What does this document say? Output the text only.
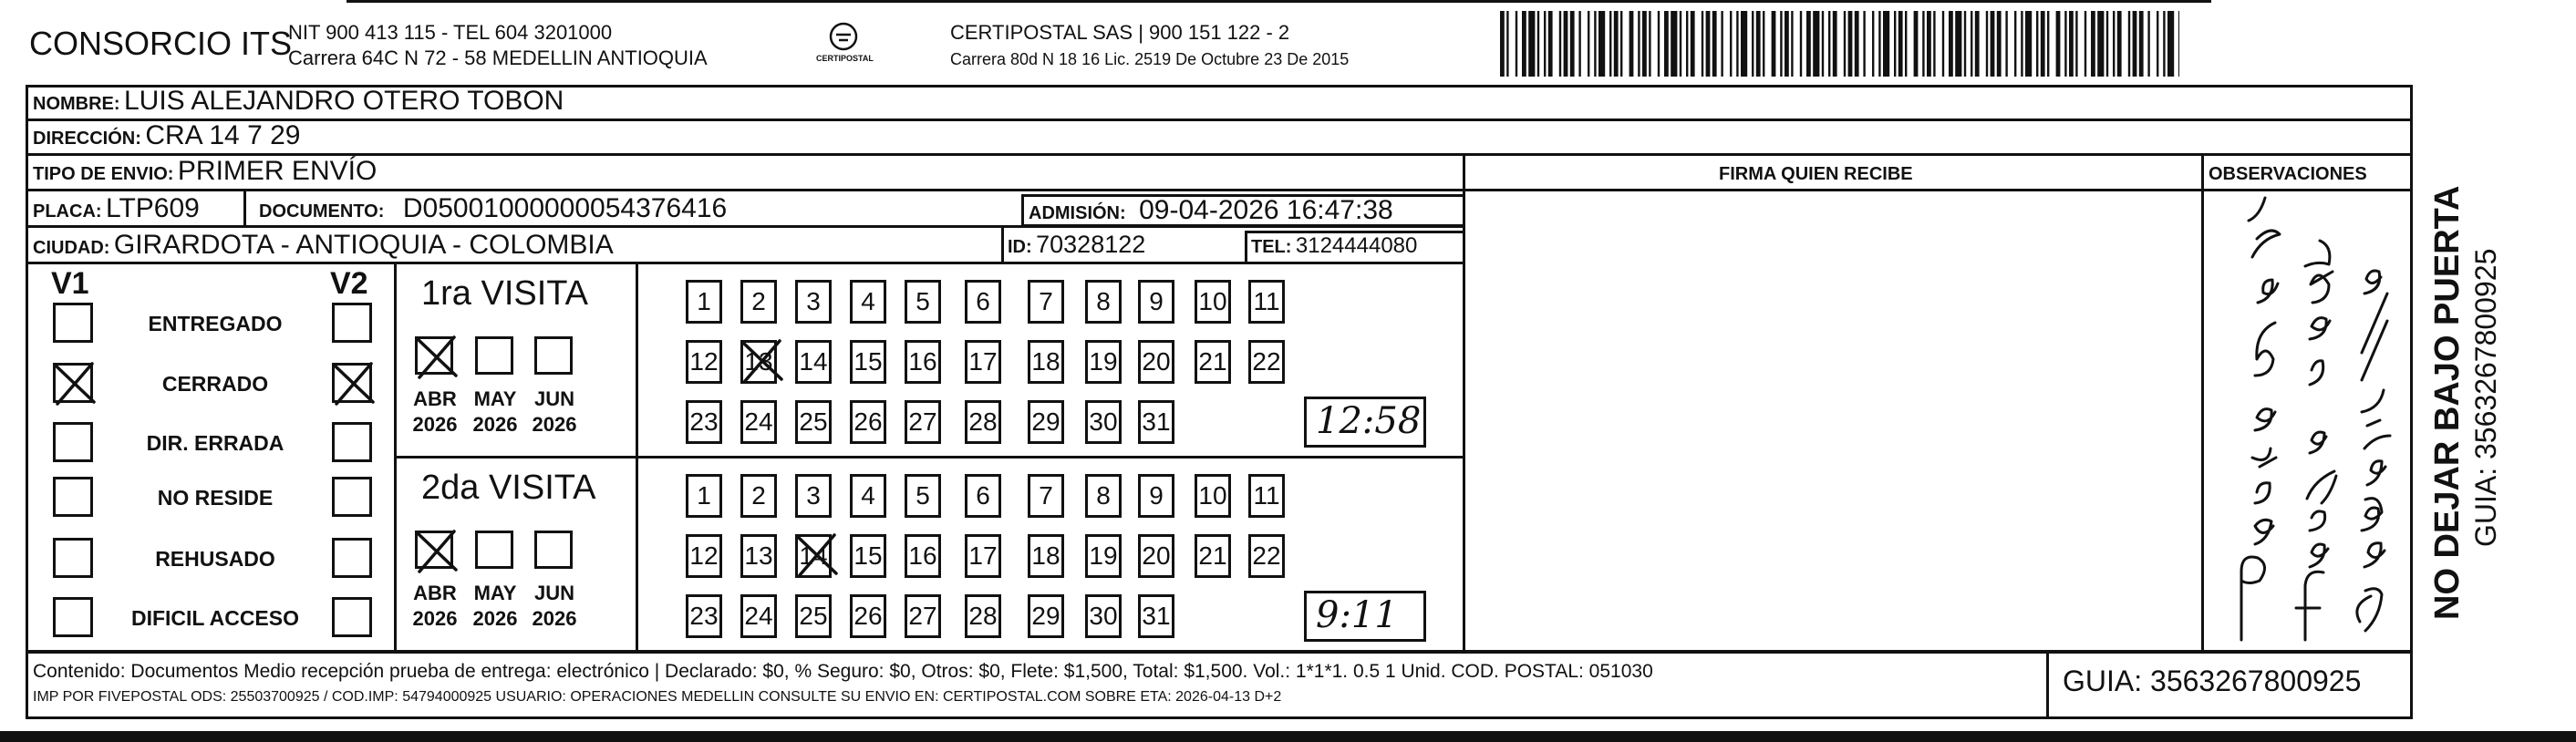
CONSORCIO ITS
NIT 900 413 115 - TEL 604 3201000
Carrera 64C N 72 - 58 MEDELLIN ANTIOQUIA	CERTIPOSTAL
CERTIPOSTAL SAS | 900 151 122 - 2
Carrera 80d N 18 16 Lic. 2519 De Octubre 23 De 2015
NOMBRE: LUIS ALEJANDRO OTERO TOBON
DIRECCIÓN: CRA 14 7 29
TIPO DE ENVIO: PRIMER ENVÍO	FIRMA QUIEN RECIBE	OBSERVACIONES
PLACA: LTP609	DOCUMENTO: D05001000000054376416	ADMISIÓN: 09-04-2026 16:47:38
CIUDAD: GIRARDOTA - ANTIOQUIA - COLOMBIA	ID: 70328122	TEL: 3124444080
V1	V2
ENTREGADO
CERRADO
DIR. ERRADA
NO RESIDE
REHUSADO
DIFICIL ACCESO
1ra VISITA
ABR
2026
MAY
2026
JUN
2026
1	2	3	4	5	6	7	8	9	10 11
12 13 14 15 16 17 18 19 20 21 22
23 24 25 26 27 28 29 30 31	12:58
2da VISITA
ABR
2026
MAY
2026
JUN
2026
1	2	3	4	5	6	7	8	9	10 11
12 13 14 15 16 17 18 19 20 21 22
23 24 25 26 27 28 29 30 31	9:11	NO DEJAR BAJO PUERTA GUIA: 3563267800925
Contenido: Documentos Medio recepción prueba de entrega: electrónico | Declarado: $0, % Seguro: $0, Otros: $0, Flete: $1,500, Total: $1,500. Vol.: 1*1*1. 0.5 1 Unid. COD. POSTAL: 051030
IMP POR FIVEPOSTAL ODS: 25503700925 / COD.IMP: 54794000925 USUARIO: OPERACIONES MEDELLIN CONSULTE SU ENVIO EN: CERTIPOSTAL.COM SOBRE ETA: 2026-04-13 D+2	GUIA: 3563267800925
